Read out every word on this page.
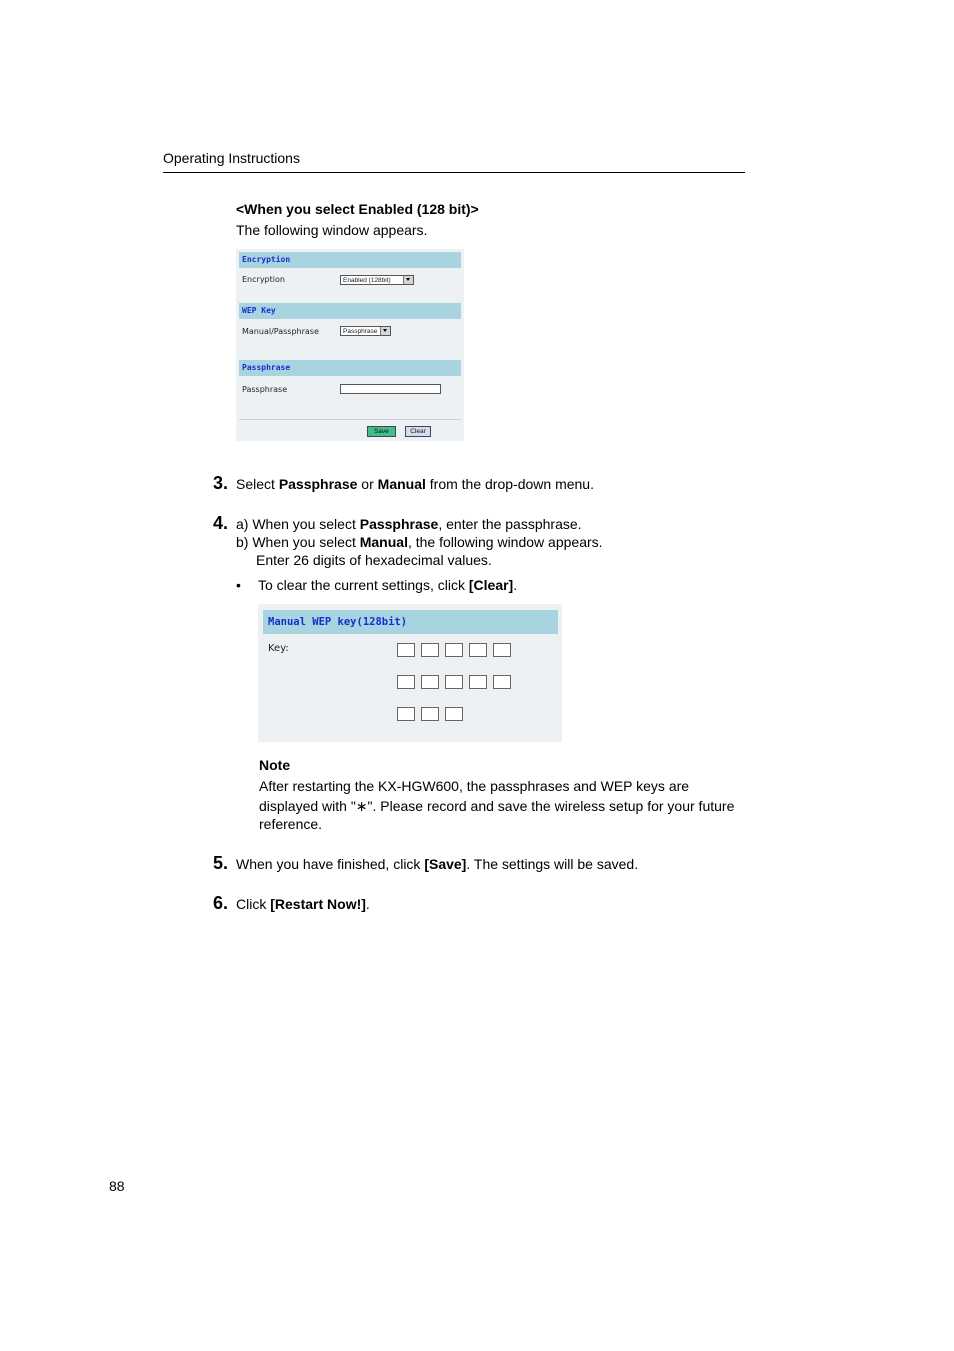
Operating Instructions
<When you select Enabled (128 bit)>
The following window appears.
Encryption
Encryption	Enabled (128bit)
WEP Key
Manual/Passphrase	Passphrase
Passphrase
Passphrase
Save	Clear
3. Select Passphrase or Manual from the drop-down menu.
4. a) When you select Passphrase, enter the passphrase.
b) When you select Manual, the following window appears.
Enter 26 digits of hexadecimal values.
• To clear the current settings, click [Clear].
Manual WEP key(128bit)
Key:
Note
After restarting the KX-HGW600, the passphrases and WEP keys are
displayed with "∗". Please record and save the wireless setup for your future
reference.
5. When you have finished, click [Save]. The settings will be saved.
6. Click [Restart Now!].
88
